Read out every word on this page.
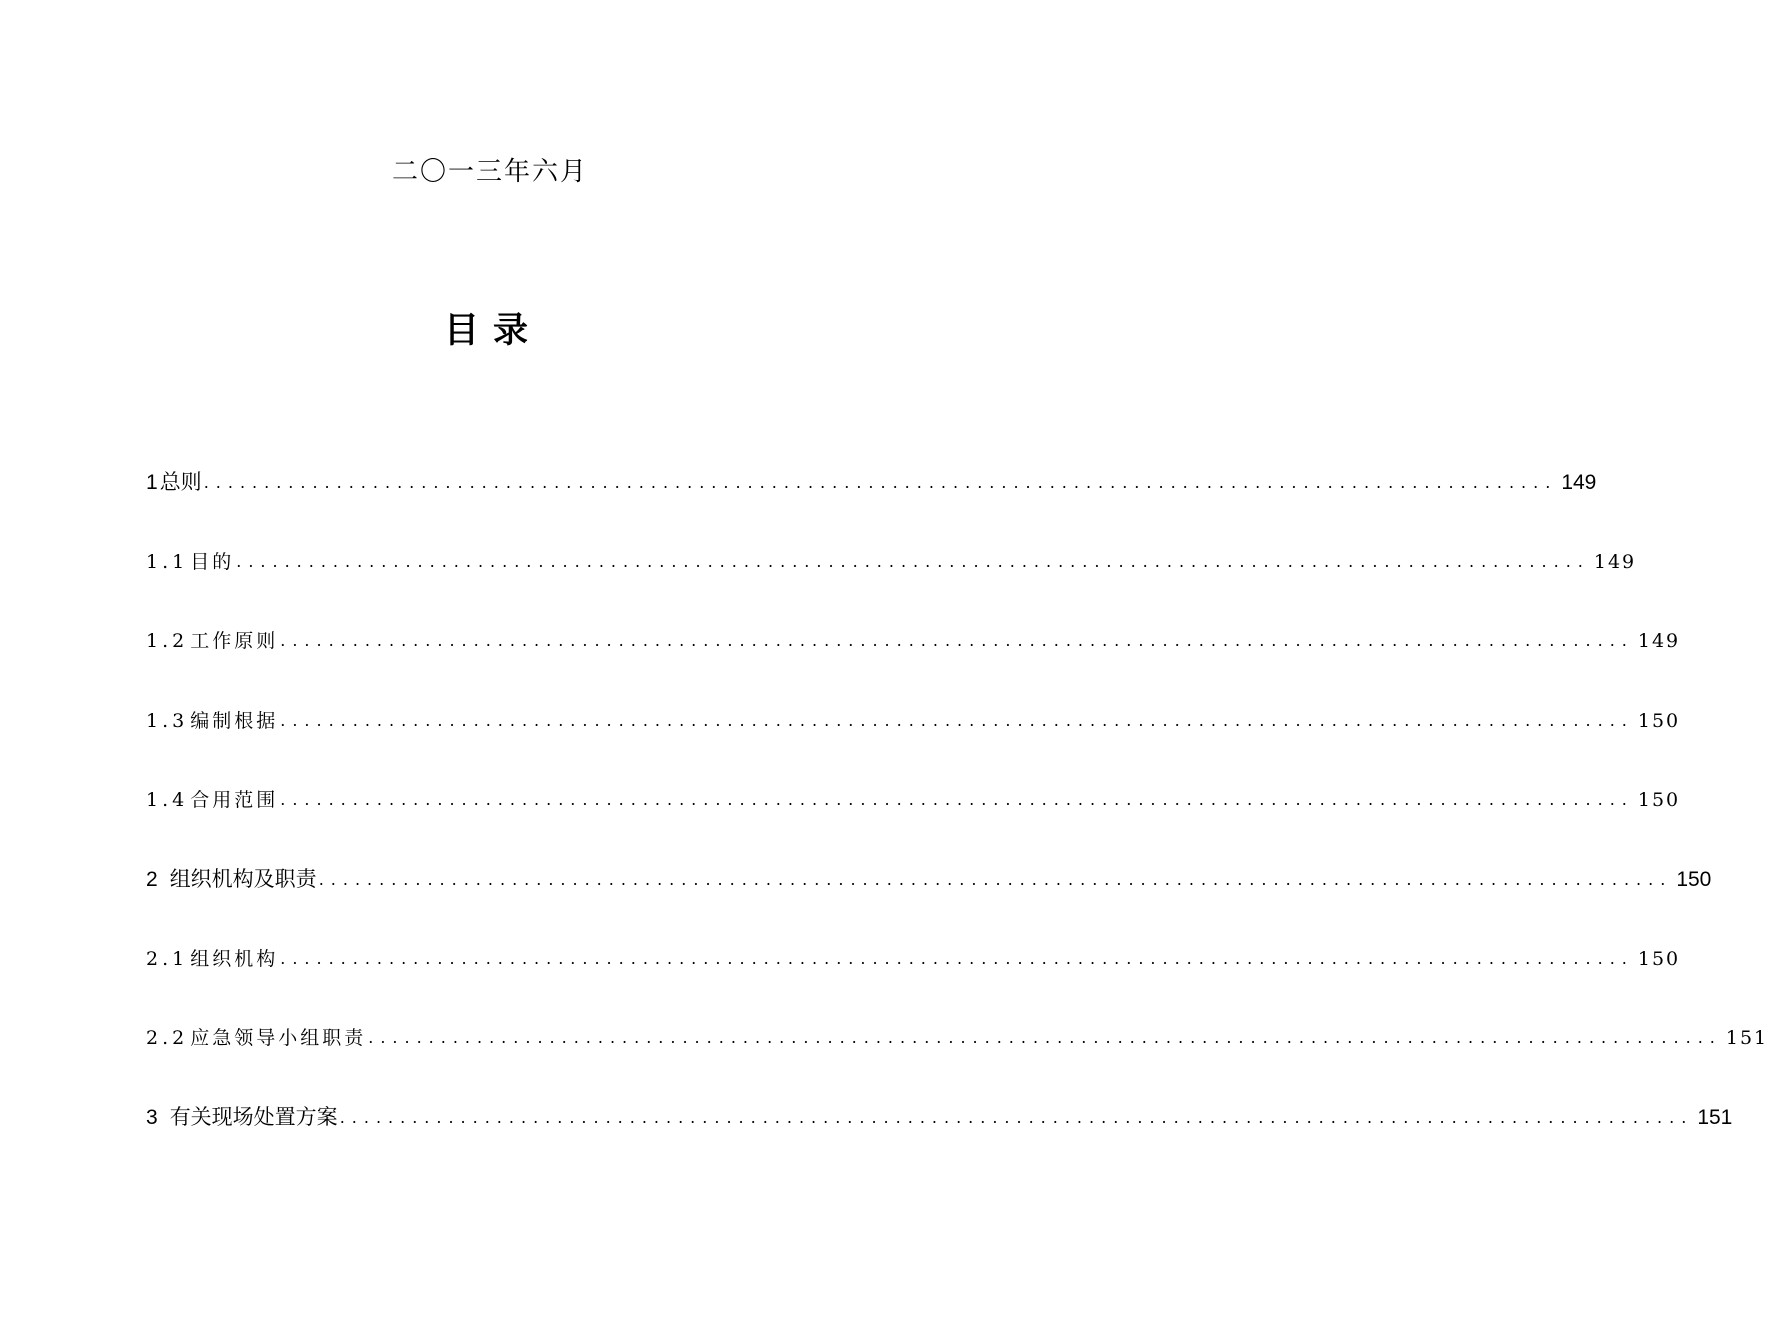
二〇一三年六月

目录
1 总则 ................................................................................................................ 149
1.1 目的 ................................................................................................................ 149
1.2 工作原则 ................................................................................................................ 149
1.3 编制根据 ................................................................................................................ 150
1.4 合用范围 ................................................................................................................ 150
2 组织机构及职责 ................................................................................................................ 150
2.1 组织机构 ................................................................................................................ 150
2.2 应急领导小组职责 ................................................................................................................ 151
3 有关现场处置方案 ................................................................................................................ 151
